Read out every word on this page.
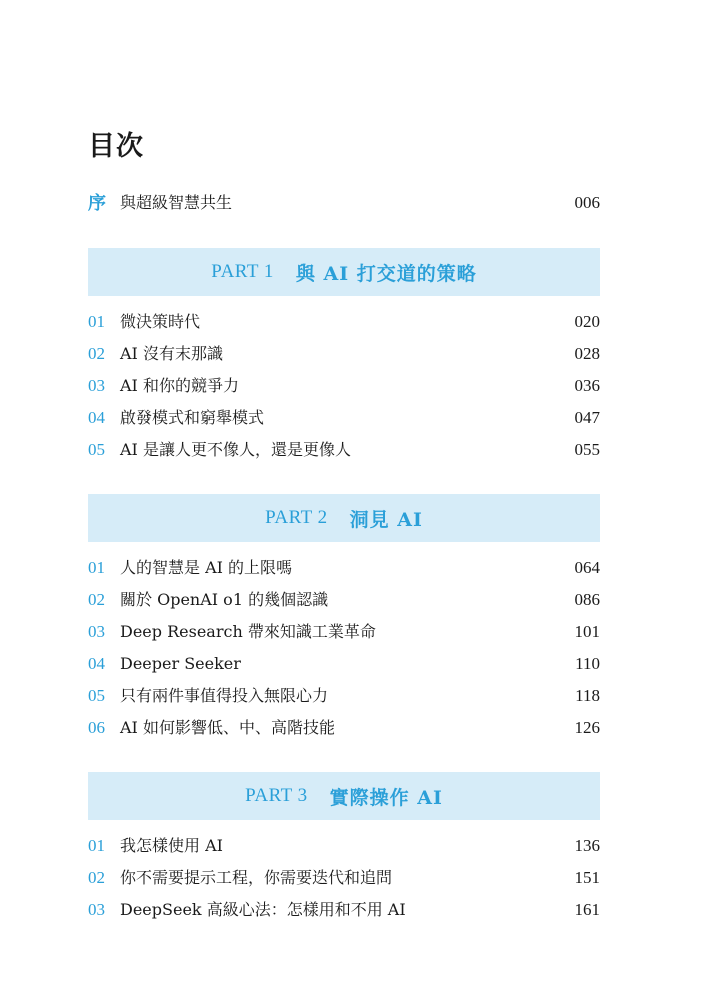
目次
序 與超級智慧共生	006
PART 1 與 AI 打交道的策略
01 微決策時代	020
02 AI 沒有末那識	028
03 AI 和你的競爭力	036
04 啟發模式和窮舉模式	047
05 AI 是讓人更不像人，還是更像人	055
PART 2 洞見 AI
01 人的智慧是 AI 的上限嗎	064
02 關於 OpenAI o1 的幾個認識	086
03 Deep Research 帶來知識工業革命	101
04 Deeper Seeker	110
05 只有兩件事值得投入無限心力	118
06 AI 如何影響低、中、高階技能	126
PART 3 實際操作 AI
01 我怎樣使用 AI	136
02 你不需要提示工程，你需要迭代和追問	151
03 DeepSeek 高級心法：怎樣用和不用 AI	161
